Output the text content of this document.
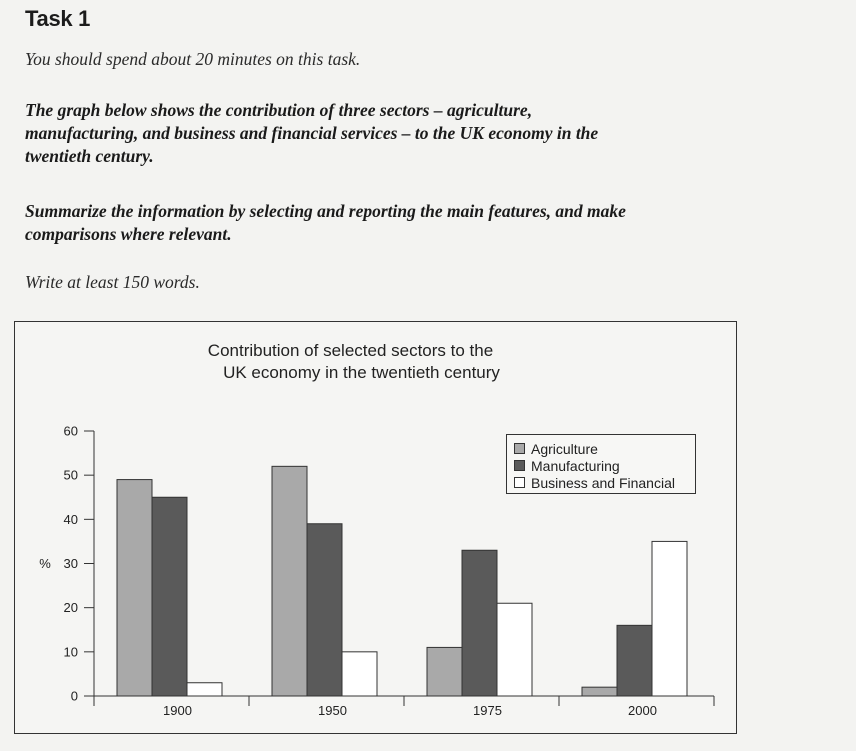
Task 1

You should spend about 20 minutes on this task.

The graph below shows the contribution of three sectors – agriculture,
manufacturing, and business and financial services – to the UK economy in the
twentieth century.

Summarize the information by selecting and reporting the main features, and make
comparisons where relevant.

Write at least 150 words.

0
10
20
30
40
50
60
%
1900	1950	1975	2000
Contribution of selected sectors to the
UK economy in the twentieth century
Agriculture
Manufacturing
Business and Financial
